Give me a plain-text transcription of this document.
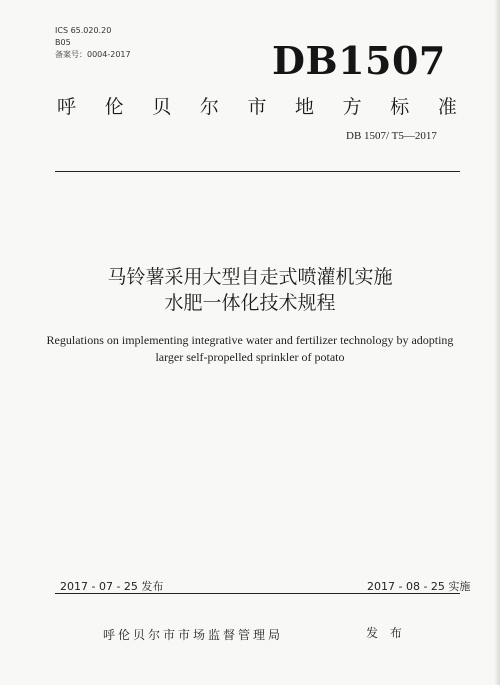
ICS 65.020.20
B05
备案号：0004-2017	DB1507
呼 伦 贝 尔 市 地 方 标 准
DB 1507/ T5—2017
马铃薯采用大型自走式喷灌机实施
水肥一体化技术规程
Regulations on implementing integrative water and fertilizer technology by adopting
larger self-propelled sprinkler of potato
2017 - 07 - 25 发布	2017 - 08 - 25 实施
呼伦贝尔市市场监督管理局	发 布
